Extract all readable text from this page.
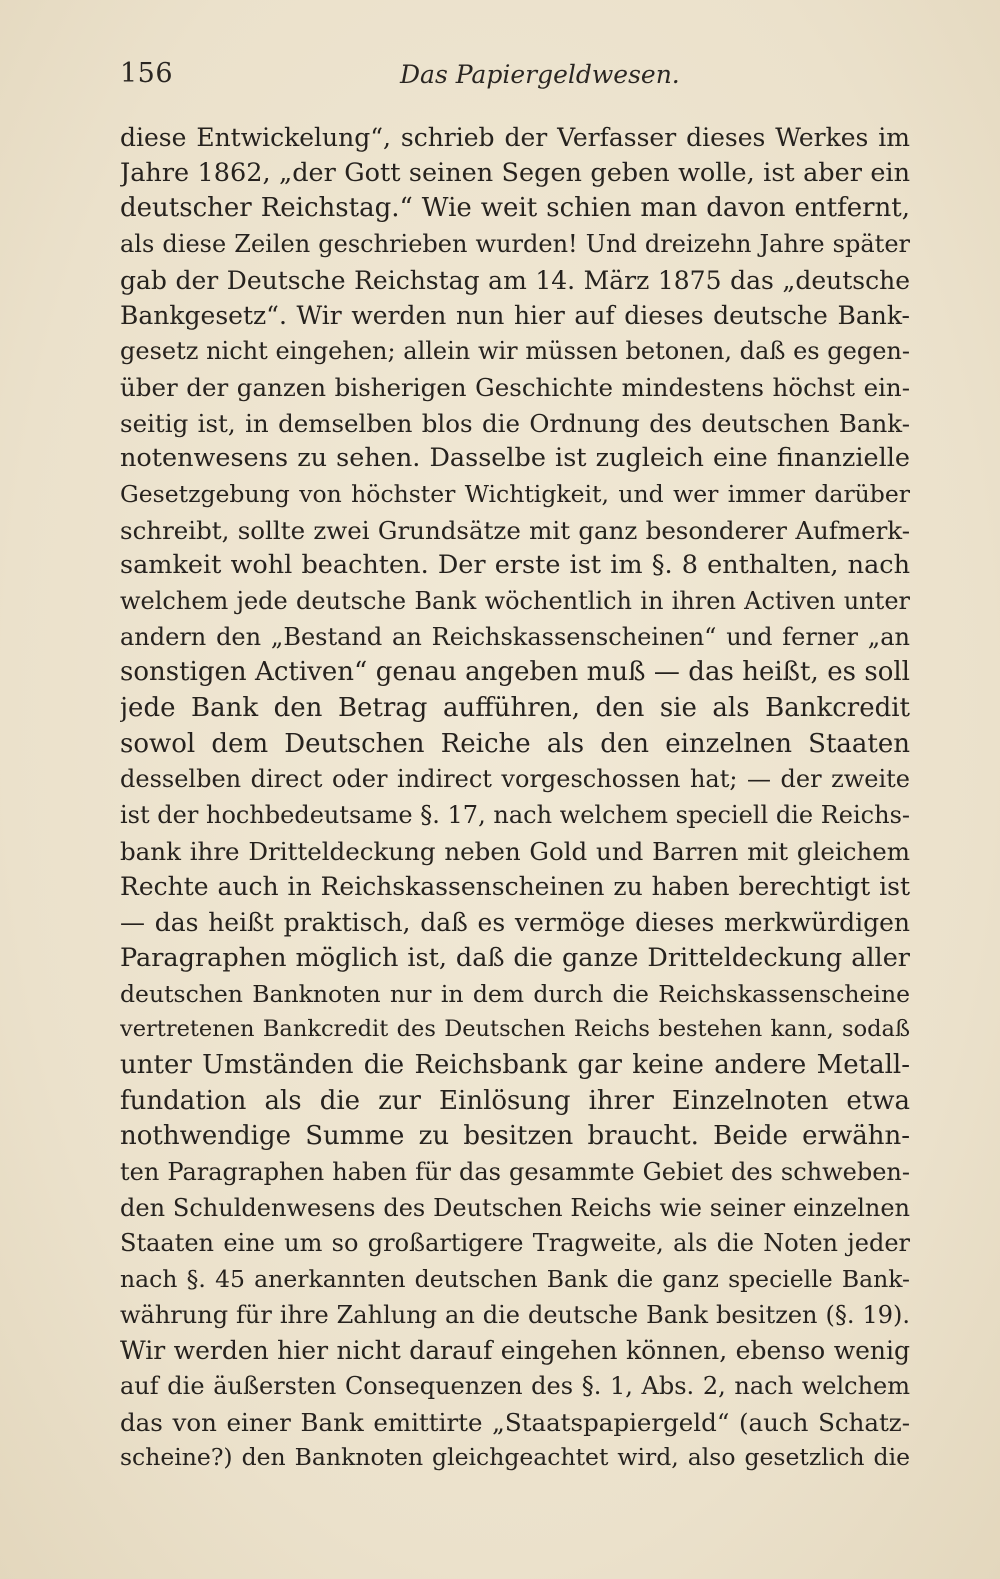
156	Das Papiergeldwesen.
diese Entwickelung“, schrieb der Verfasser dieses Werkes im
Jahre 1862, „der Gott seinen Segen geben wolle, ist aber ein
deutscher Reichstag.“ Wie weit schien man davon entfernt,
als diese Zeilen geschrieben wurden! Und dreizehn Jahre später
gab der Deutsche Reichstag am 14. März 1875 das „deutsche
Bankgesetz“. Wir werden nun hier auf dieses deutsche Bank-
gesetz nicht eingehen; allein wir müssen betonen, daß es gegen-
über der ganzen bisherigen Geschichte mindestens höchst ein-
seitig ist, in demselben blos die Ordnung des deutschen Bank-
notenwesens zu sehen. Dasselbe ist zugleich eine finanzielle
Gesetzgebung von höchster Wichtigkeit, und wer immer darüber
schreibt, sollte zwei Grundsätze mit ganz besonderer Aufmerk-
samkeit wohl beachten. Der erste ist im §. 8 enthalten, nach
welchem jede deutsche Bank wöchentlich in ihren Activen unter
andern den „Bestand an Reichskassenscheinen“ und ferner „an
sonstigen Activen“ genau angeben muß — das heißt, es soll
jede Bank den Betrag aufführen, den sie als Bankcredit
sowol dem Deutschen Reiche als den einzelnen Staaten
desselben direct oder indirect vorgeschossen hat; — der zweite
ist der hochbedeutsame §. 17, nach welchem speciell die Reichs-
bank ihre Dritteldeckung neben Gold und Barren mit gleichem
Rechte auch in Reichskassenscheinen zu haben berechtigt ist
— das heißt praktisch, daß es vermöge dieses merkwürdigen
Paragraphen möglich ist, daß die ganze Dritteldeckung aller
deutschen Banknoten nur in dem durch die Reichskassenscheine
vertretenen Bankcredit des Deutschen Reichs bestehen kann, sodaß
unter Umständen die Reichsbank gar keine andere Metall-
fundation als die zur Einlösung ihrer Einzelnoten etwa
nothwendige Summe zu besitzen braucht. Beide erwähn-
ten Paragraphen haben für das gesammte Gebiet des schweben-
den Schuldenwesens des Deutschen Reichs wie seiner einzelnen
Staaten eine um so großartigere Tragweite, als die Noten jeder
nach §. 45 anerkannten deutschen Bank die ganz specielle Bank-
währung für ihre Zahlung an die deutsche Bank besitzen (§. 19).
Wir werden hier nicht darauf eingehen können, ebenso wenig
auf die äußersten Consequenzen des §. 1, Abs. 2, nach welchem
das von einer Bank emittirte „Staatspapiergeld“ (auch Schatz-
scheine?) den Banknoten gleichgeachtet wird, also gesetzlich die
